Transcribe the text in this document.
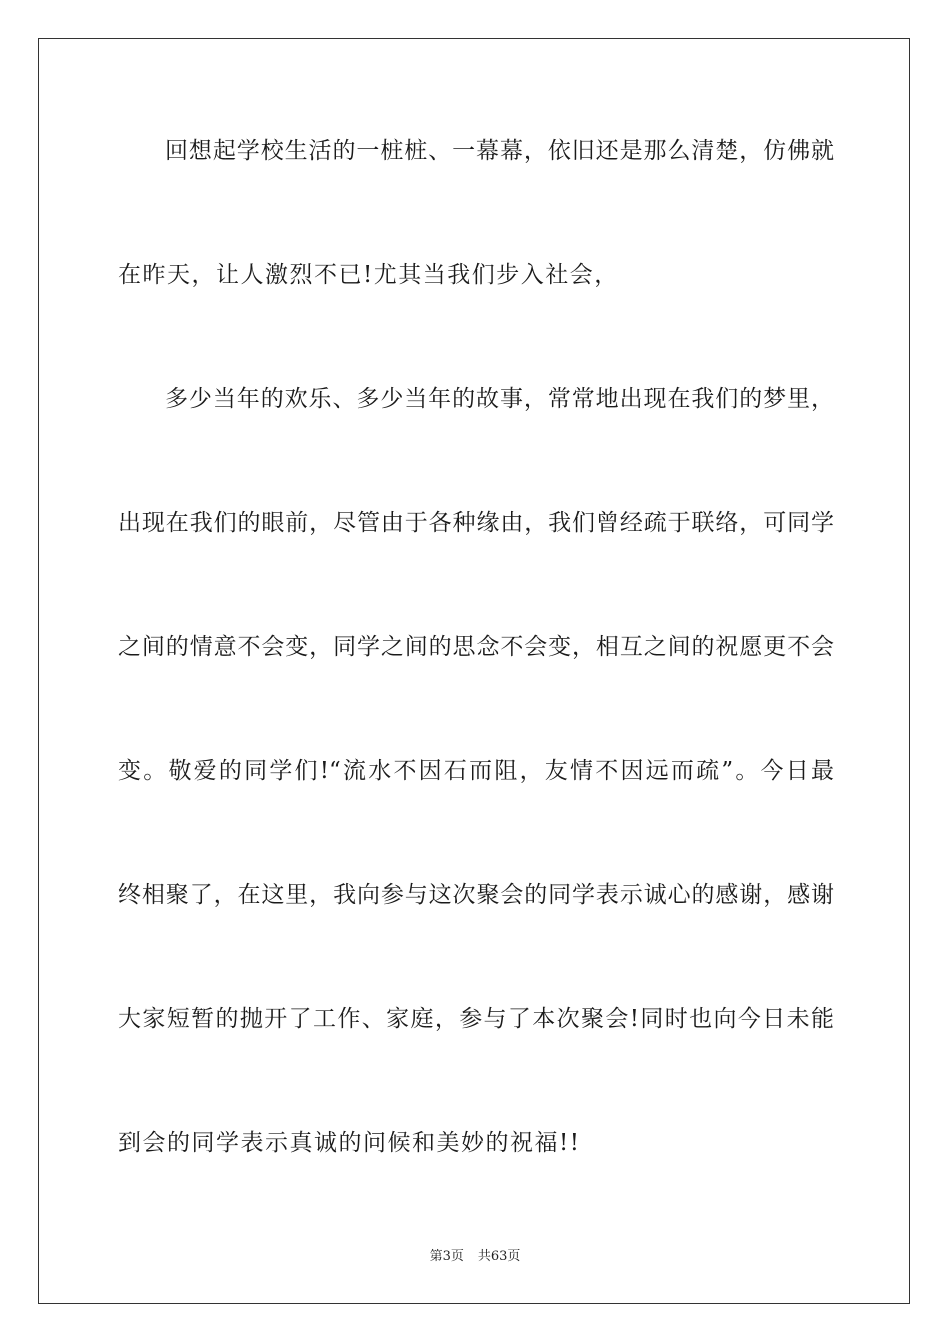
回想起学校生活的一桩桩、一幕幕，依旧还是那么清楚，仿佛就
在昨天，让人激烈不已!尤其当我们步入社会，
多少当年的欢乐、多少当年的故事，常常地出现在我们的梦里，
出现在我们的眼前，尽管由于各种缘由，我们曾经疏于联络，可同学
之间的情意不会变，同学之间的思念不会变，相互之间的祝愿更不会
变。敬爱的同学们!“流水不因石而阻，友情不因远而疏”。今日最
终相聚了，在这里，我向参与这次聚会的同学表示诚心的感谢，感谢
大家短暂的抛开了工作、家庭，参与了本次聚会!同时也向今日未能
到会的同学表示真诚的问候和美妙的祝福!!
第3页 共63页
